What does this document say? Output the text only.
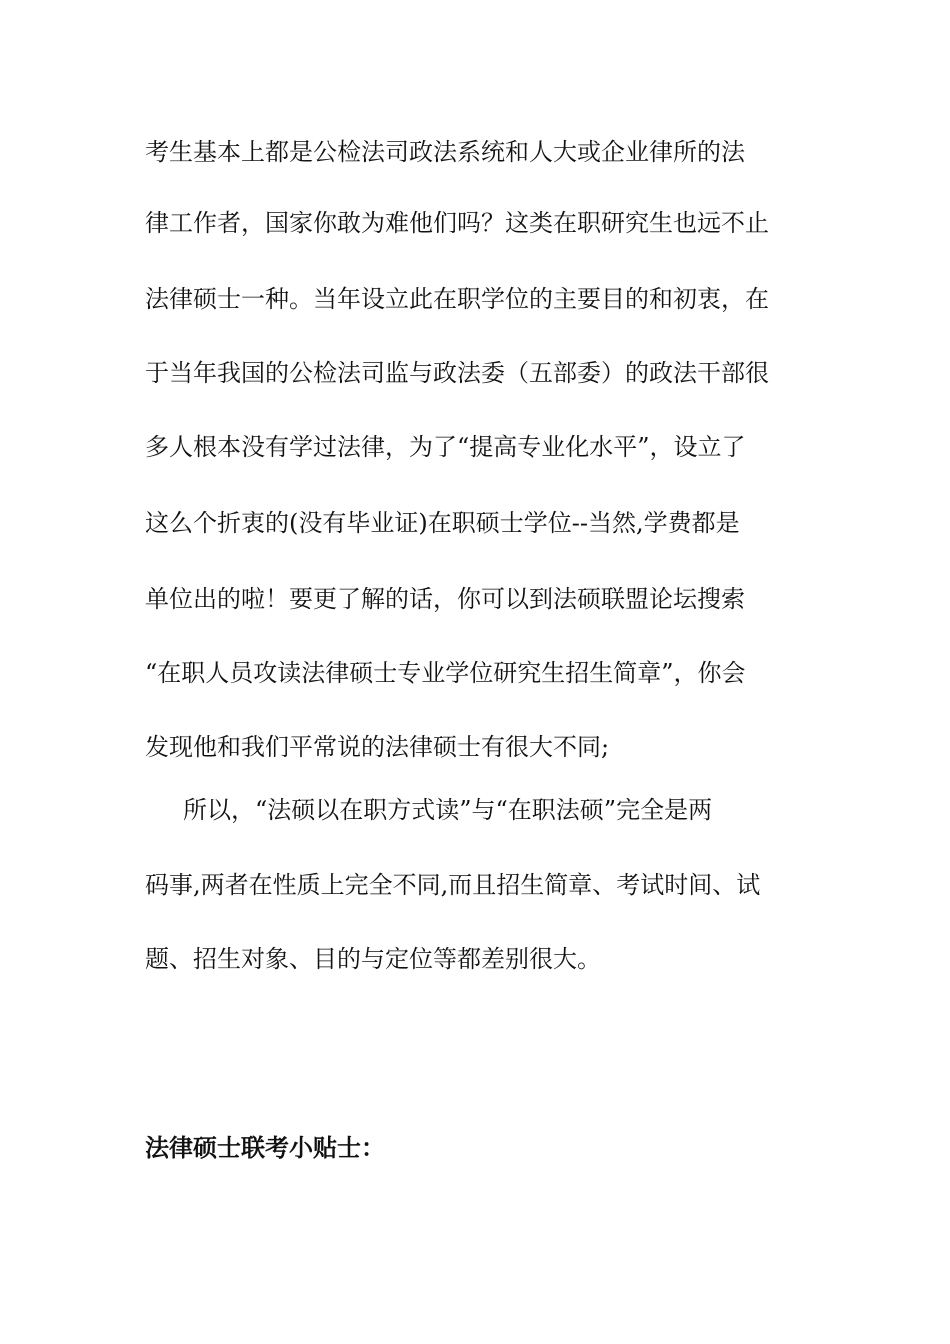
考生基本上都是公检法司政法系统和人大或企业律所的法
律工作者，国家你敢为难他们吗？这类在职研究生也远不止
法律硕士一种。当年设立此在职学位的主要目的和初衷，在
于当年我国的公检法司监与政法委（五部委）的政法干部很
多人根本没有学过法律，为了“提高专业化水平”，设立了
这么个折衷的(没有毕业证)在职硕士学位--当然,学费都是
单位出的啦！要更了解的话，你可以到法硕联盟论坛搜索
“在职人员攻读法律硕士专业学位研究生招生简章”，你会
发现他和我们平常说的法律硕士有很大不同;
所以，“法硕以在职方式读”与“在职法硕”完全是两
码事,两者在性质上完全不同,而且招生简章、考试时间、试
题、招生对象、目的与定位等都差别很大。
法律硕士联考小贴士：
